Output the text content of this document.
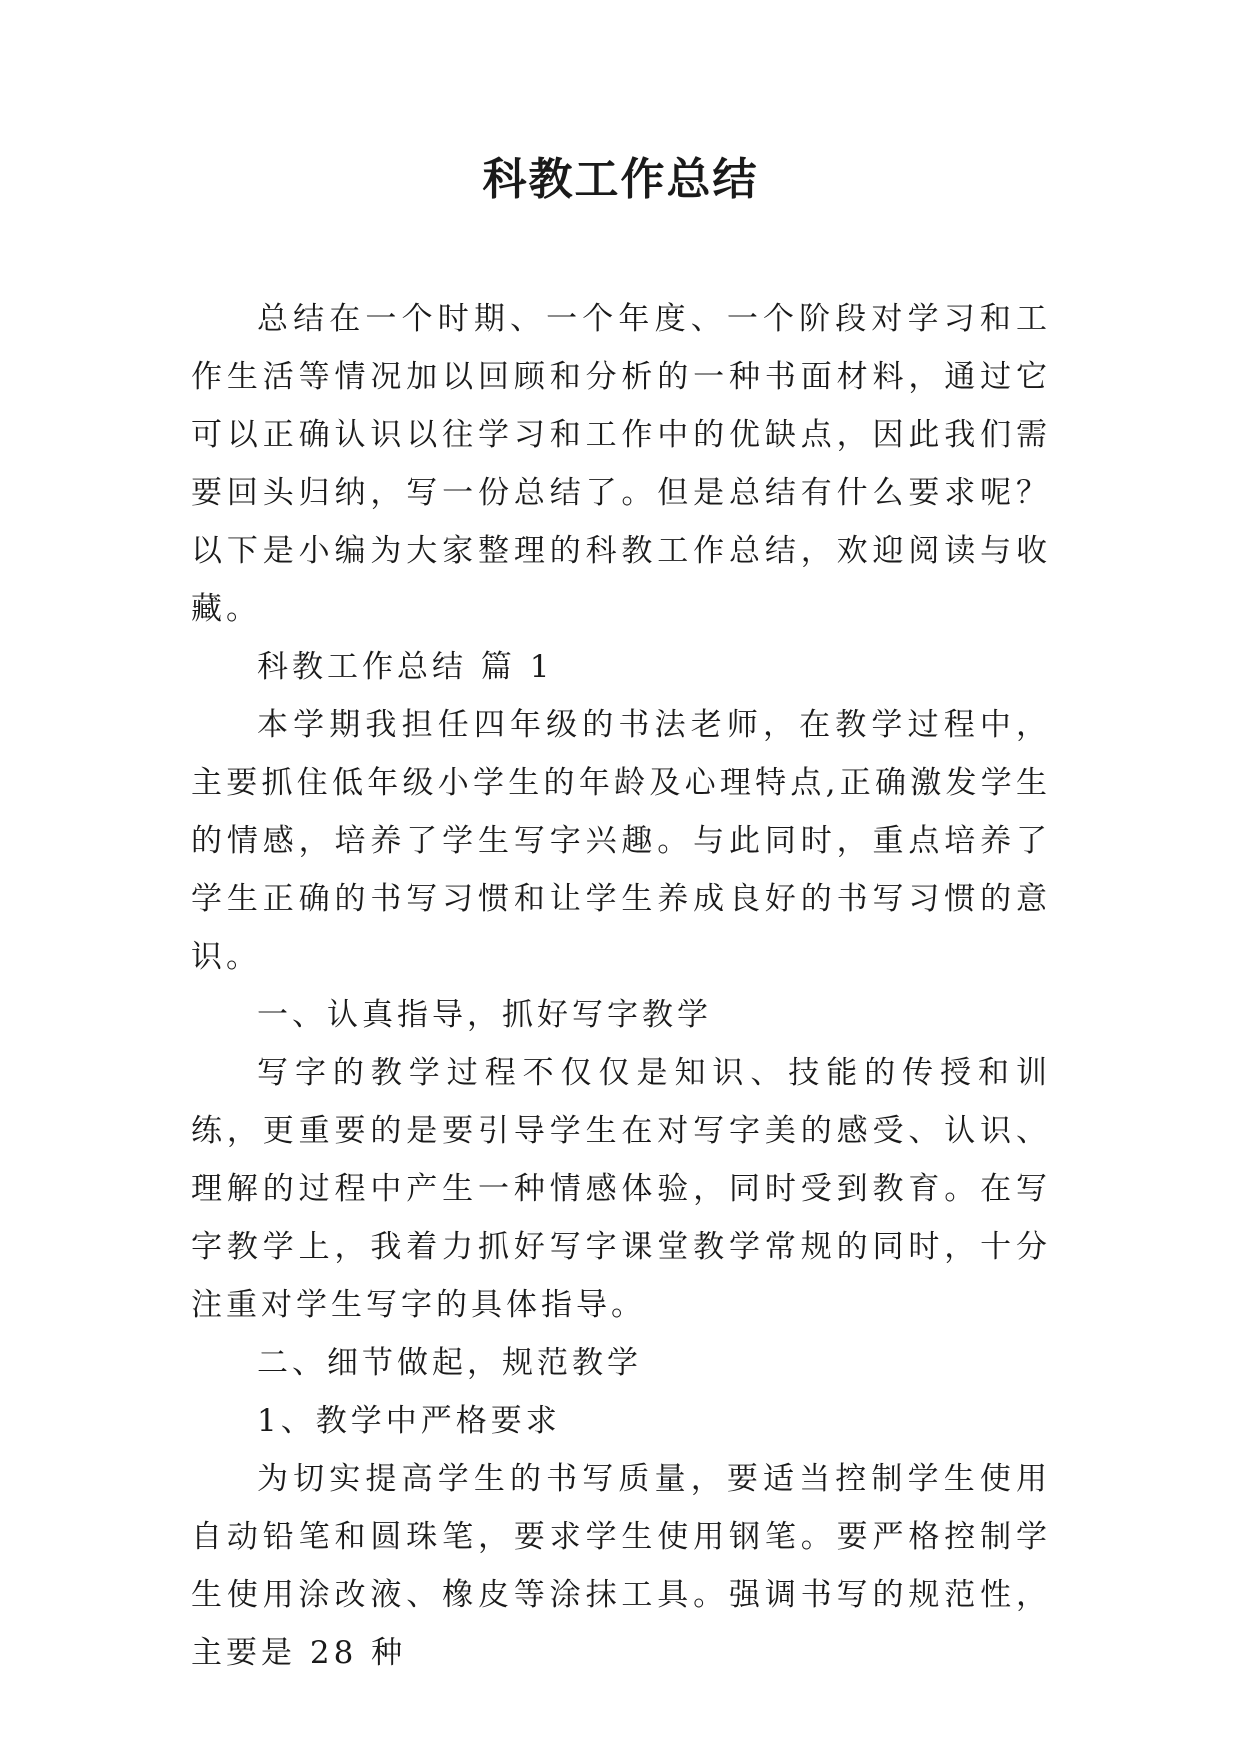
科教工作总结

总结在一个时期、一个年度、一个阶段对学习和工作生活等情况加以回顾和分析的一种书面材料，通过它可以正确认识以往学习和工作中的优缺点，因此我们需要回头归纳，写一份总结了。但是总结有什么要求呢？以下是小编为大家整理的科教工作总结，欢迎阅读与收藏。

科教工作总结 篇 1

本学期我担任四年级的书法老师，在教学过程中，主要抓住低年级小学生的年龄及心理特点,正确激发学生的情感，培养了学生写字兴趣。与此同时，重点培养了学生正确的书写习惯和让学生养成良好的书写习惯的意识。

一、认真指导，抓好写字教学

写字的教学过程不仅仅是知识、技能的传授和训练，更重要的是要引导学生在对写字美的感受、认识、理解的过程中产生一种情感体验，同时受到教育。在写字教学上，我着力抓好写字课堂教学常规的同时，十分注重对学生写字的具体指导。

二、细节做起，规范教学

1、教学中严格要求

为切实提高学生的书写质量，要适当控制学生使用自动铅笔和圆珠笔，要求学生使用钢笔。要严格控制学生使用涂改液、橡皮等涂抹工具。强调书写的规范性，主要是 28 种
